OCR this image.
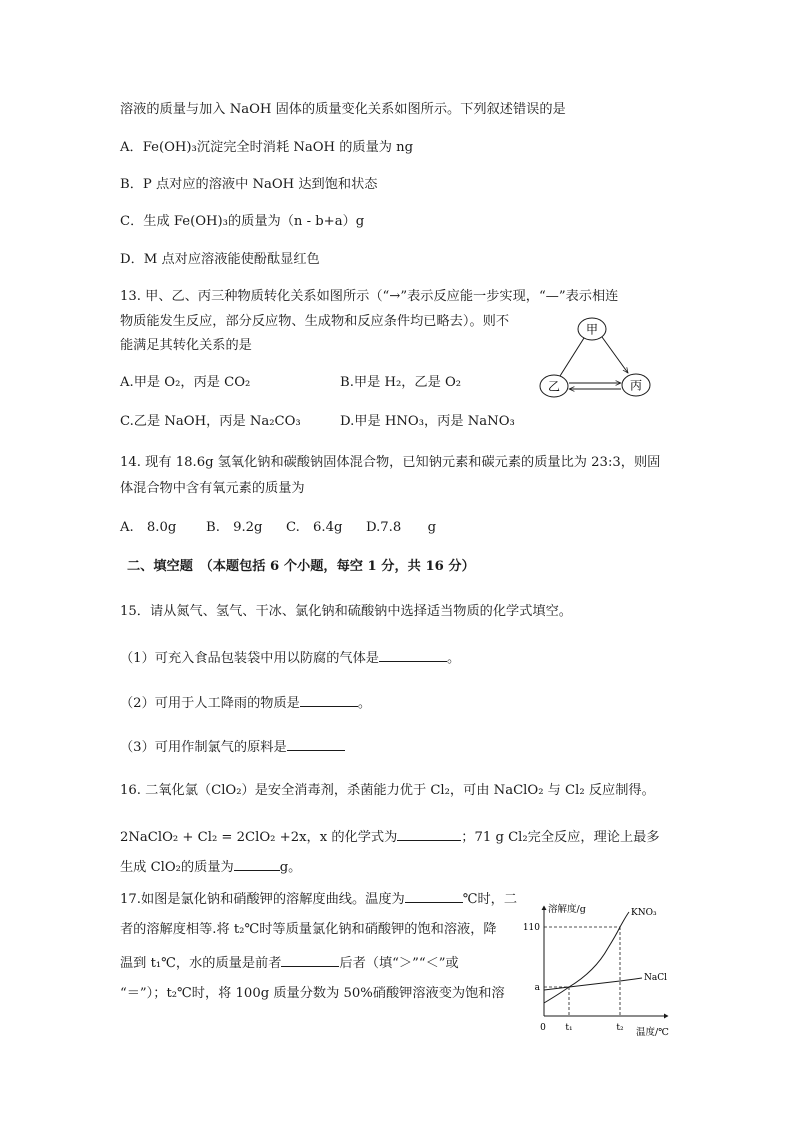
溶液的质量与加入 NaOH 固体的质量变化关系如图所示。下列叙述错误的是
A．Fe(OH)₃沉淀完全时消耗 NaOH 的质量为 ng
B．P 点对应的溶液中 NaOH 达到饱和状态
C．生成 Fe(OH)₃的质量为（n - b+a）g
D．M 点对应溶液能使酚酞显红色
13. 甲、乙、丙三种物质转化关系如图所示（“→”表示反应能一步实现，“—”表示相连
物质能发生反应，部分反应物、生成物和反应条件均已略去）。则不
能满足其转化关系的是
A.甲是 O₂，丙是 CO₂	B.甲是 H₂，乙是 O₂
C.乙是 NaOH，丙是 Na₂CO₃	D.甲是 HNO₃，丙是 NaNO₃
甲
乙	丙
14. 现有 18.6g 氢氧化钠和碳酸钠固体混合物，已知钠元素和碳元素的质量比为 23:3，则固
体混合物中含有氧元素的质量为
A.　8.0g B.　9.2g C.　6.4g D.7.8　　g
二、填空题　（本题包括 6 个小题，每空 1 分，共 16 分）
15．请从氮气、氢气、干冰、氯化钠和硫酸钠中选择适当物质的化学式填空。
（1）可充入食品包装袋中用以防腐的气体是	。
（2）可用于人工降雨的物质是	。
（3）可用作制氯气的原料是
16. 二氧化氯（ClO₂）是安全消毒剂，杀菌能力优于 Cl₂，可由 NaClO₂ 与 Cl₂ 反应制得。
2NaClO₂ + Cl₂ = 2ClO₂ +2x，x 的化学式为	；71 g Cl₂完全反应，理论上最多
生成 ClO₂的质量为	g。
17.如图是氯化钠和硝酸钾的溶解度曲线。温度为	℃时，二
者的溶解度相等.将 t₂℃时等质量氯化钠和硝酸钾的饱和溶液，降
温到 t₁℃，水的质量是前者	后者（填“＞”“＜”或
“＝”）；t₂℃时，将 100g 质量分数为 50%硝酸钾溶液变为饱和溶
溶解度/g
温度/℃
110
a
0 t₁	t₂
KNO₃
NaCl
